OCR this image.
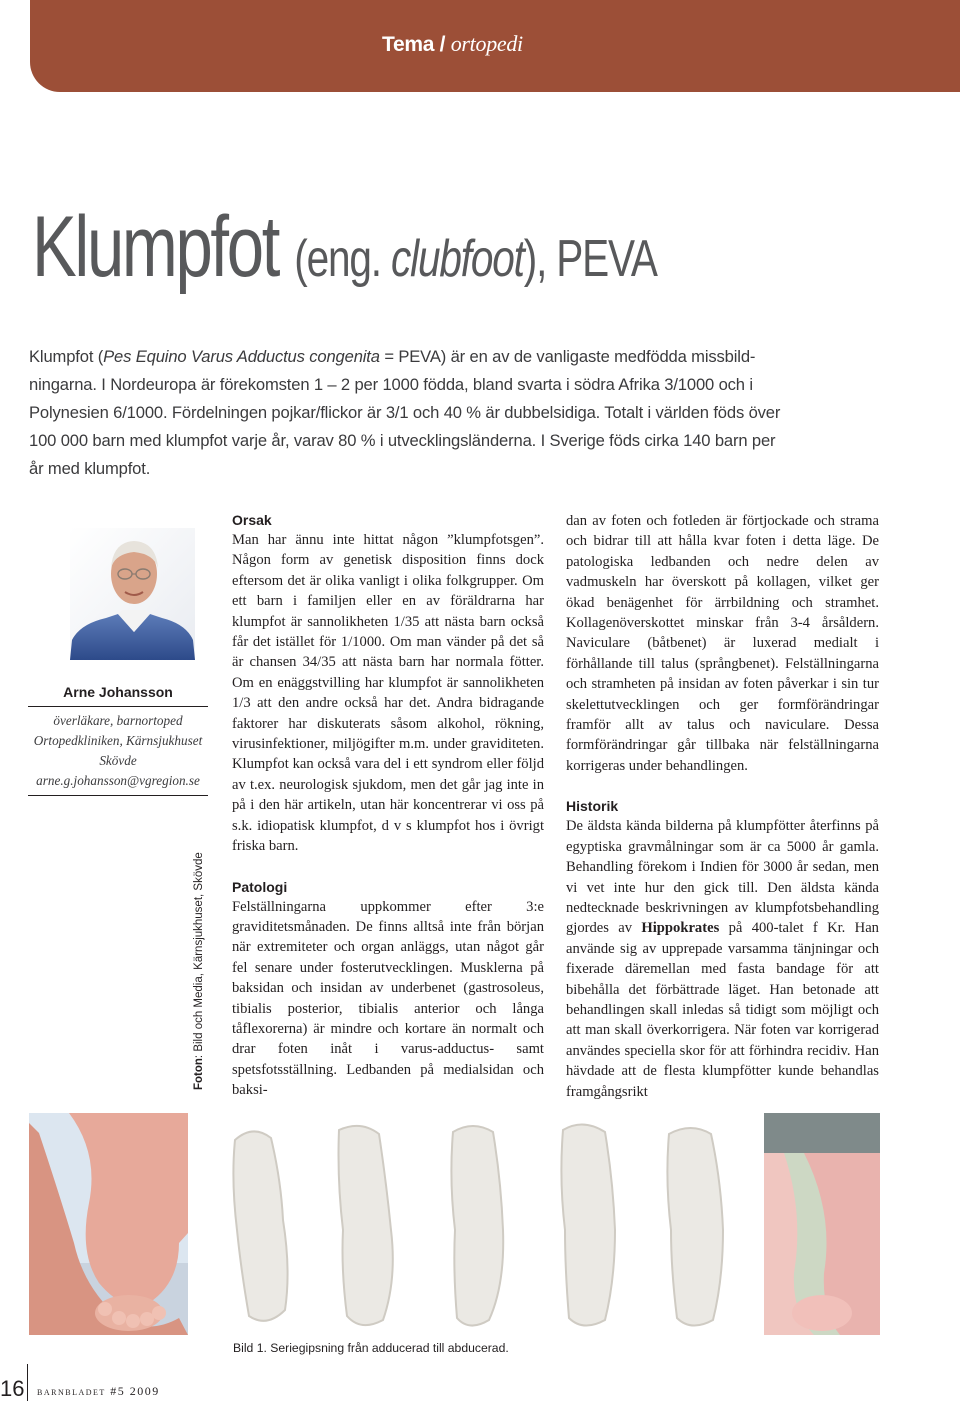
Tema / ortopedi
Klumpfot (eng. clubfoot), PEVA

Klumpfot (Pes Equino Varus Adductus congenita = PEVA) är en av de vanligaste medfödda missbild-ningarna. I Nordeuropa är förekomsten 1 – 2 per 1000 födda, bland svarta i södra Afrika 3/1000 och i Polynesien 6/1000. Fördelningen pojkar/flickor är 3/1 och 40 % är dubbelsidiga. Totalt i världen föds över 100 000 barn med klumpfot varje år, varav 80 % i utvecklingsländerna. I Sverige föds cirka 140 barn per år med klumpfot.

Arne Johansson
överläkare, barnortoped
Ortopedkliniken, Kärnsjukhuset
Skövde
arne.g.johansson@vgregion.se
Foton: Bild och Media, Kärnsjukhuset, Skövde
Orsak

Man har ännu inte hittat någon ”klumpfotsgen”. Någon form av genetisk disposition finns dock eftersom det är olika vanligt i olika folkgrupper. Om ett barn i familjen eller en av föräldrarna har klumpfot är sannolikheten 1/35 att nästa barn också får det istället för 1/1000. Om man vänder på det så är chansen 34/35 att nästa barn har normala fötter. Om en enäggstvilling har klumpfot är sannolikheten 1/3 att den andre också har det. Andra bidragande faktorer har diskuterats såsom alkohol, rökning, virusinfektioner, miljögifter m.m. under graviditeten. Klumpfot kan också vara del i ett syndrom eller följd av t.ex. neurologisk sjukdom, men det går jag inte in på i den här artikeln, utan här koncentrerar vi oss på s.k. idiopatisk klumpfot, d v s klumpfot hos i övrigt friska barn.

Patologi

Felställningarna uppkommer efter 3:e graviditetsmånaden. De finns alltså inte från början när extremiteter och organ anläggs, utan något går fel senare under fosterutvecklingen. Musklerna på baksidan och insidan av underbenet (gastrosoleus, tibialis posterior, tibialis anterior och långa tåflexorerna) är mindre och kortare än normalt och drar foten inåt i varus-adductus- samt spetsfotsställning. Ledbanden på medialsidan och baksi-

dan av foten och fotleden är förtjockade och strama och bidrar till att hålla kvar foten i detta läge. De patologiska ledbanden och nedre delen av vadmuskeln har överskott på kollagen, vilket ger ökad benägenhet för ärrbildning och stramhet. Kollagenöverskottet minskar från 3-4 årsåldern. Naviculare (båtbenet) är luxerad medialt i förhållande till talus (språngbenet). Felställningarna och stramheten på insidan av foten påverkar i sin tur skelettutvecklingen och ger formförändringar framför allt av talus och naviculare. Dessa formförändringar går tillbaka när felställningarna korrigeras under behandlingen.

Historik

De äldsta kända bilderna på klumpfötter återfinns på egyptiska gravmålningar som är ca 5000 år gamla. Behandling förekom i Indien för 3000 år sedan, men vi vet inte hur den gick till. Den äldsta kända nedtecknade beskrivningen av klumpfotsbehandling gjordes av Hippokrates på 400-talet f Kr. Han använde sig av upprepade varsamma tänjningar och fixerade däremellan med fasta bandage för att bibehålla det förbättrade läget. Han betonade att behandlingen skall inledas så tidigt som möjligt och att man skall överkorrigera. När foten var korrigerad användes speciella skor för att förhindra recidiv. Han hävdade att de flesta klumpfötter kunde behandlas framgångsrikt

Bild 1. Seriegipsning från adducerad till abducerad.
16 barnbladet #5 2009
